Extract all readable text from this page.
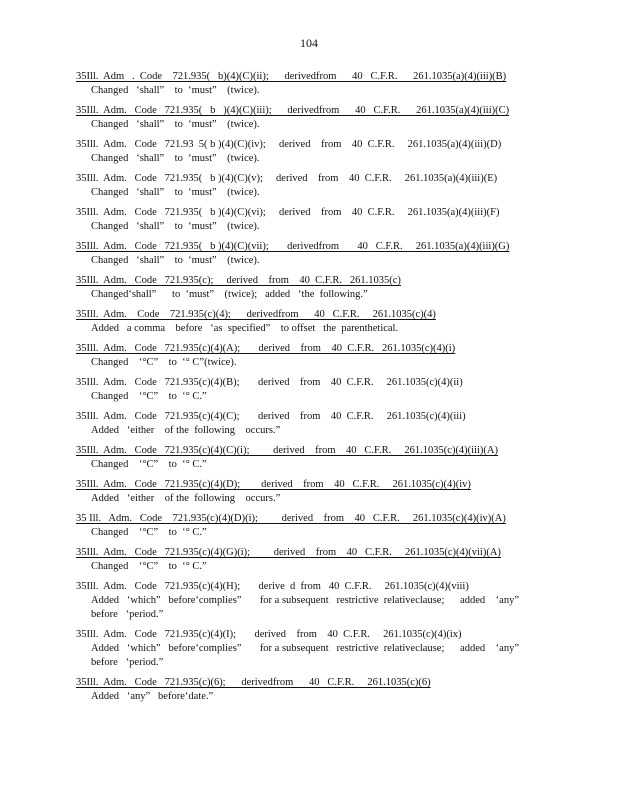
104
35Ill.  Adm   .  Code    721.935(   b)(4)(C)(ii);      derivedfrom      40   C.F.R.      261.1035(a)(4)(iii)(B)
Changed   ‘shall”    to  ‘must”    (twice).
35Ill.  Adm.   Code   721.935(   b   )(4)(C)(iii);      derivedfrom      40   C.F.R.      261.1035(a)(4)(iii)(C)
Changed   ‘shall”    to  ‘must”    (twice).
35Ill.  Adm.   Code   721.93  5( b )(4)(C)(iv);     derived    from    40  C.F.R.     261.1035(a)(4)(iii)(D)
Changed   ‘shall”    to  ‘must”    (twice).
35Ill.  Adm.   Code   721.935(   b )(4)(C)(v);     derived    from    40  C.F.R.     261.1035(a)(4)(iii)(E)
Changed   ‘shall”    to  ‘must”    (twice).
35Ill.  Adm.   Code   721.935(   b )(4)(C)(vi);     derived    from    40  C.F.R.     261.1035(a)(4)(iii)(F)
Changed   ‘shall”    to  ‘must”    (twice).
35Ill.  Adm.   Code   721.935(   b )(4)(C)(vii);       derivedfrom       40   C.F.R.     261.1035(a)(4)(iii)(G)
Changed   ‘shall”    to  ‘must”    (twice).
35Ill.  Adm.   Code   721.935(c);     derived    from    40  C.F.R.   261.1035(c)
Changed‘shall”      to  ‘must”    (twice);   added   ‘the  following.”
35Ill.  Adm.    Code    721.935(c)(4);      derivedfrom      40   C.F.R.     261.1035(c)(4)
Added   a comma    before   ‘as  specified”    to offset   the  parenthetical.
35Ill.  Adm.   Code   721.935(c)(4)(A);       derived    from    40  C.F.R.   261.1035(c)(4)(i)
Changed    ‘°C”    to  ‘° C”(twice).
35Ill.  Adm.   Code   721.935(c)(4)(B);       derived    from    40  C.F.R.     261.1035(c)(4)(ii)
Changed    ‘°C”    to  ‘° C.”
35Ill.  Adm.   Code   721.935(c)(4)(C);       derived    from    40  C.F.R.     261.1035(c)(4)(iii)
Added   ‘either    of the  following    occurs.”
35Ill.  Adm.   Code   721.935(c)(4)(C)(i);         derived    from    40   C.F.R.     261.1035(c)(4)(iii)(A)
Changed    ‘°C”    to  ‘° C.”
35Ill.  Adm.   Code   721.935(c)(4)(D);        derived    from    40   C.F.R.     261.1035(c)(4)(iv)
Added   ‘either    of the  following    occurs.”
35 Ill.   Adm.   Code    721.935(c)(4)(D)(i);         derived    from    40   C.F.R.     261.1035(c)(4)(iv)(A)
Changed    ‘°C”    to  ‘° C.”
35Ill.  Adm.   Code   721.935(c)(4)(G)(i);         derived    from    40   C.F.R.     261.1035(c)(4)(vii)(A)
Changed    ‘°C”    to  ‘° C.”
35Ill.  Adm.   Code   721.935(c)(4)(H);       derive  d  from   40  C.F.R.     261.1035(c)(4)(viii)
Added   ‘which”   before‘complies”       for a subsequent   restrictive  relativeclause;      added    ‘any”
before   ‘period.”
35Ill.  Adm.   Code   721.935(c)(4)(I);       derived    from    40  C.F.R.     261.1035(c)(4)(ix)
Added   ‘which”   before‘complies”       for a subsequent   restrictive  relativeclause;      added    ‘any”
before   ‘period.”
35Ill.  Adm.   Code   721.935(c)(6);      derivedfrom      40   C.F.R.     261.1035(c)(6)
Added   ‘any”   before‘date.”
